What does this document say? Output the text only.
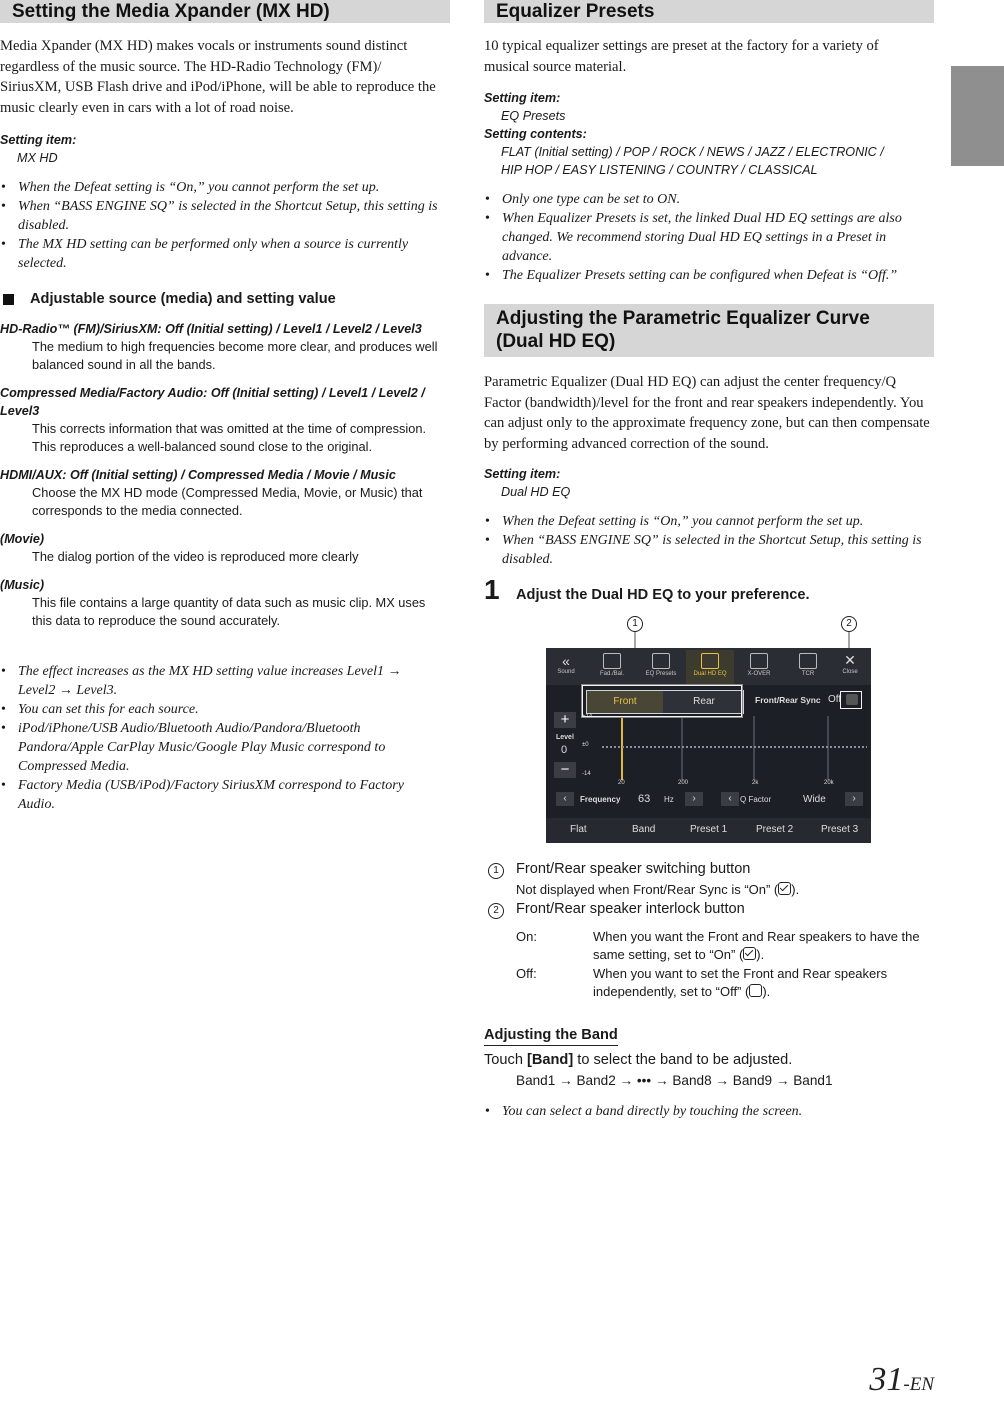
Setting the Media Xpander (MX HD)

Media Xpander (MX HD) makes vocals or instruments sound distinct regardless of the music source. The HD-Radio Technology (FM)/ SiriusXM, USB Flash drive and iPod/iPhone, will be able to reproduce the music clearly even in cars with a lot of road noise.

Setting item:

MX HD

• When the Defeat setting is “On,” you cannot perform the set up.
• When “BASS ENGINE SQ” is selected in the Shortcut Setup, this setting is disabled.
• The MX HD setting can be performed only when a source is currently selected.

Adjustable source (media) and setting value

HD-Radio™ (FM)/SiriusXM: Off (Initial setting) / Level1 / Level2 / Level3

The medium to high frequencies become more clear, and produces well balanced sound in all the bands.

Compressed Media/Factory Audio: Off (Initial setting) / Level1 / Level2 / Level3

This corrects information that was omitted at the time of compression. This reproduces a well-balanced sound close to the original.

HDMI/AUX: Off (Initial setting) / Compressed Media / Movie / Music

Choose the MX HD mode (Compressed Media, Movie, or Music) that corresponds to the media connected.

(Movie)

The dialog portion of the video is reproduced more clearly

(Music)

This file contains a large quantity of data such as music clip. MX uses this data to reproduce the sound accurately.

• The effect increases as the MX HD setting value increases Level1 → Level2 → Level3.
• You can set this for each source.
• iPod/iPhone/USB Audio/Bluetooth Audio/Pandora/Bluetooth Pandora/Apple CarPlay Music/Google Play Music correspond to Compressed Media.
• Factory Media (USB/iPod)/Factory SiriusXM correspond to Factory Audio.
Equalizer Presets

10 typical equalizer settings are preset at the factory for a variety of musical source material.

Setting item:

EQ Presets

Setting contents:

FLAT (Initial setting) / POP / ROCK / NEWS / JAZZ / ELECTRONIC /

HIP HOP / EASY LISTENING / COUNTRY / CLASSICAL

• Only one type can be set to ON.
• When Equalizer Presets is set, the linked Dual HD EQ settings are also changed. We recommend storing Dual HD EQ settings in a Preset in advance.
• The Equalizer Presets setting can be configured when Defeat is “Off.”
Adjusting the Parametric Equalizer Curve
(Dual HD EQ)

Parametric Equalizer (Dual HD EQ) can adjust the center frequency/Q Factor (bandwidth)/level for the front and rear speakers independently. You can adjust only to the approximate frequency zone, but can then compensate by performing advanced correction of the sound.

Setting item:

Dual HD EQ

• When the Defeat setting is “On,” you cannot perform the set up.
• When “BASS ENGINE SQ” is selected in the Shortcut Setup, this setting is disabled.
1 Adjust the Dual HD EQ to your preference.
1	2
«
Sound	Fad./Bal.	EQ Presets	Dual HD EQ	X-OVER	TCR
✕
Close
Front	Rear	Front/Rear Sync Off
+
Level
0
−
+14
±0
-14
20	200	2k	20k
‹	Frequency 63 Hz	›	‹	Q Factor	Wide	›
Flat	Band	Preset 1	Preset 2	Preset 3
1	Front/Rear speaker switching button
Not displayed when Front/Rear Sync is “On” ( ).
2	Front/Rear speaker interlock button
On:	When you want the Front and Rear speakers to have the same setting, set to “On” ( ).
Off:	When you want to set the Front and Rear speakers independently, set to “Off” ( ).
Adjusting the Band
Touch [Band] to select the band to be adjusted.
Band1 → Band2 → ••• → Band8 → Band9 → Band1
• You can select a band directly by touching the screen.
31-EN
